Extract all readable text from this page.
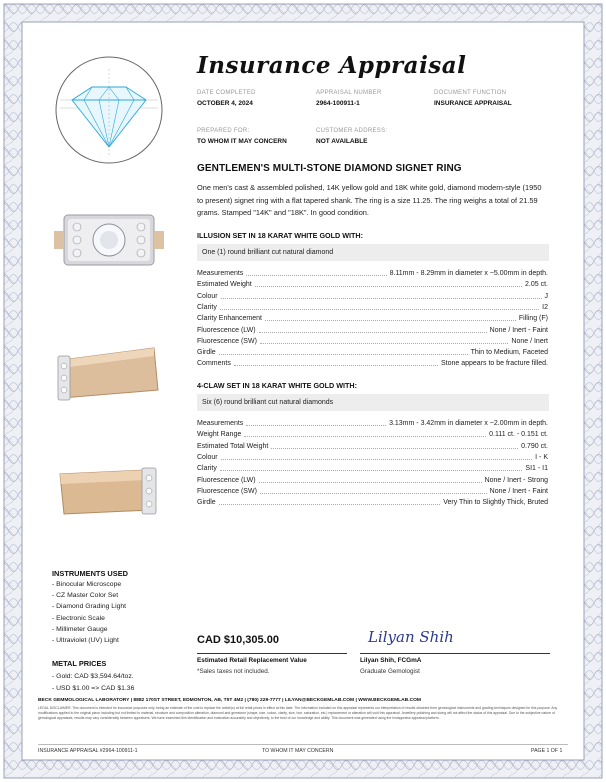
Insurance Appraisal
DATE COMPLETED
OCTOBER 4, 2024
APPRAISAL NUMBER
2964-100911-1
DOCUMENT FUNCTION
INSURANCE APPRAISAL
PREPARED FOR:
TO WHOM IT MAY CONCERN
CUSTOMER ADDRESS:
NOT AVAILABLE
GENTLEMEN'S MULTI-STONE DIAMOND SIGNET RING
One men's cast & assembled polished, 14K yellow gold and 18K white gold, diamond modern-style (1950 to present) signet ring with a flat tapered shank. The ring is a size 11.25. The ring weighs a total of 21.59 grams. Stamped "14K" and "18K". In good condition.
ILLUSION SET IN 18 KARAT WHITE GOLD WITH:
One (1) round brilliant cut natural diamond
Measurements	8.11mm - 8.29mm in diameter x ~5.00mm in depth.
Estimated Weight	2.05 ct.
Colour	J
Clarity	I2
Clarity Enhancement	Filling (F)
Fluorescence (LW)	None / Inert - Faint
Fluorescence (SW)	None / Inert
Girdle	Thin to Medium, Faceted
Comments	Stone appears to be fracture filled.
4-CLAW SET IN 18 KARAT WHITE GOLD WITH:
Six (6) round brilliant cut natural diamonds
Measurements	3.13mm - 3.42mm in diameter x ~2.00mm in depth.
Weight Range	0.111 ct. - 0.151 ct.
Estimated Total Weight	0.790 ct.
Colour	I - K
Clarity	SI1 - I1
Fluorescence (LW)	None / Inert - Strong
Fluorescence (SW)	None / Inert - Faint
Girdle	Very Thin to Slightly Thick, Bruted
INSTRUMENTS USED
- Binocular Microscope
- CZ Master Color Set
- Diamond Grading Light
- Electronic Scale
- Millimeter Gauge
- Ultraviolet (UV) Light
METAL PRICES
- Gold: CAD $3,594.64/toz.
- USD $1.00 => CAD $1.36
CAD $10,305.00
Estimated Retail Replacement Value
*Sales taxes not included.
Lilyan Shih
Lilyan Shih, FCGmA
Graduate Gemologist
BECK GEMMOLOGICAL LABORATORY | 8882 170ST STREET, EDMONTON, AB, T5T 4M2 | (780) 229-7777 | LILYAN@BECKGEMLAB.COM | WWW.BECKGEMLAB.COM
LEGAL DISCLAIMER: This document is intended for insurance purposes only, being an estimate of the cost to replace the article(s) at full retail prices in effect at this date. The information included on this appraisal represents our interpretation of results obtained from gemological instruments and grading techniques designed for this purpose. Any modifications applied to the original piece including but not limited to material, structure and composition alteration, diamond and gemstone (shape, size, colour, clarity, size, hue, saturation, etc.) replacement or alteration will void this appraisal. Jewellery polishing and sizing will not affect the status of this appraisal. Due to the subjective nature of gemological appraisals, results may vary considerably between appraisers. We have examined this identification and evaluation accurately and objectively, to the best of our knowledge and ability. This document was generated using the Instappraise appraisal platform.
INSURANCE APPRAISAL #2964-100911-1	TO WHOM IT MAY CONCERN	PAGE 1 OF 1
